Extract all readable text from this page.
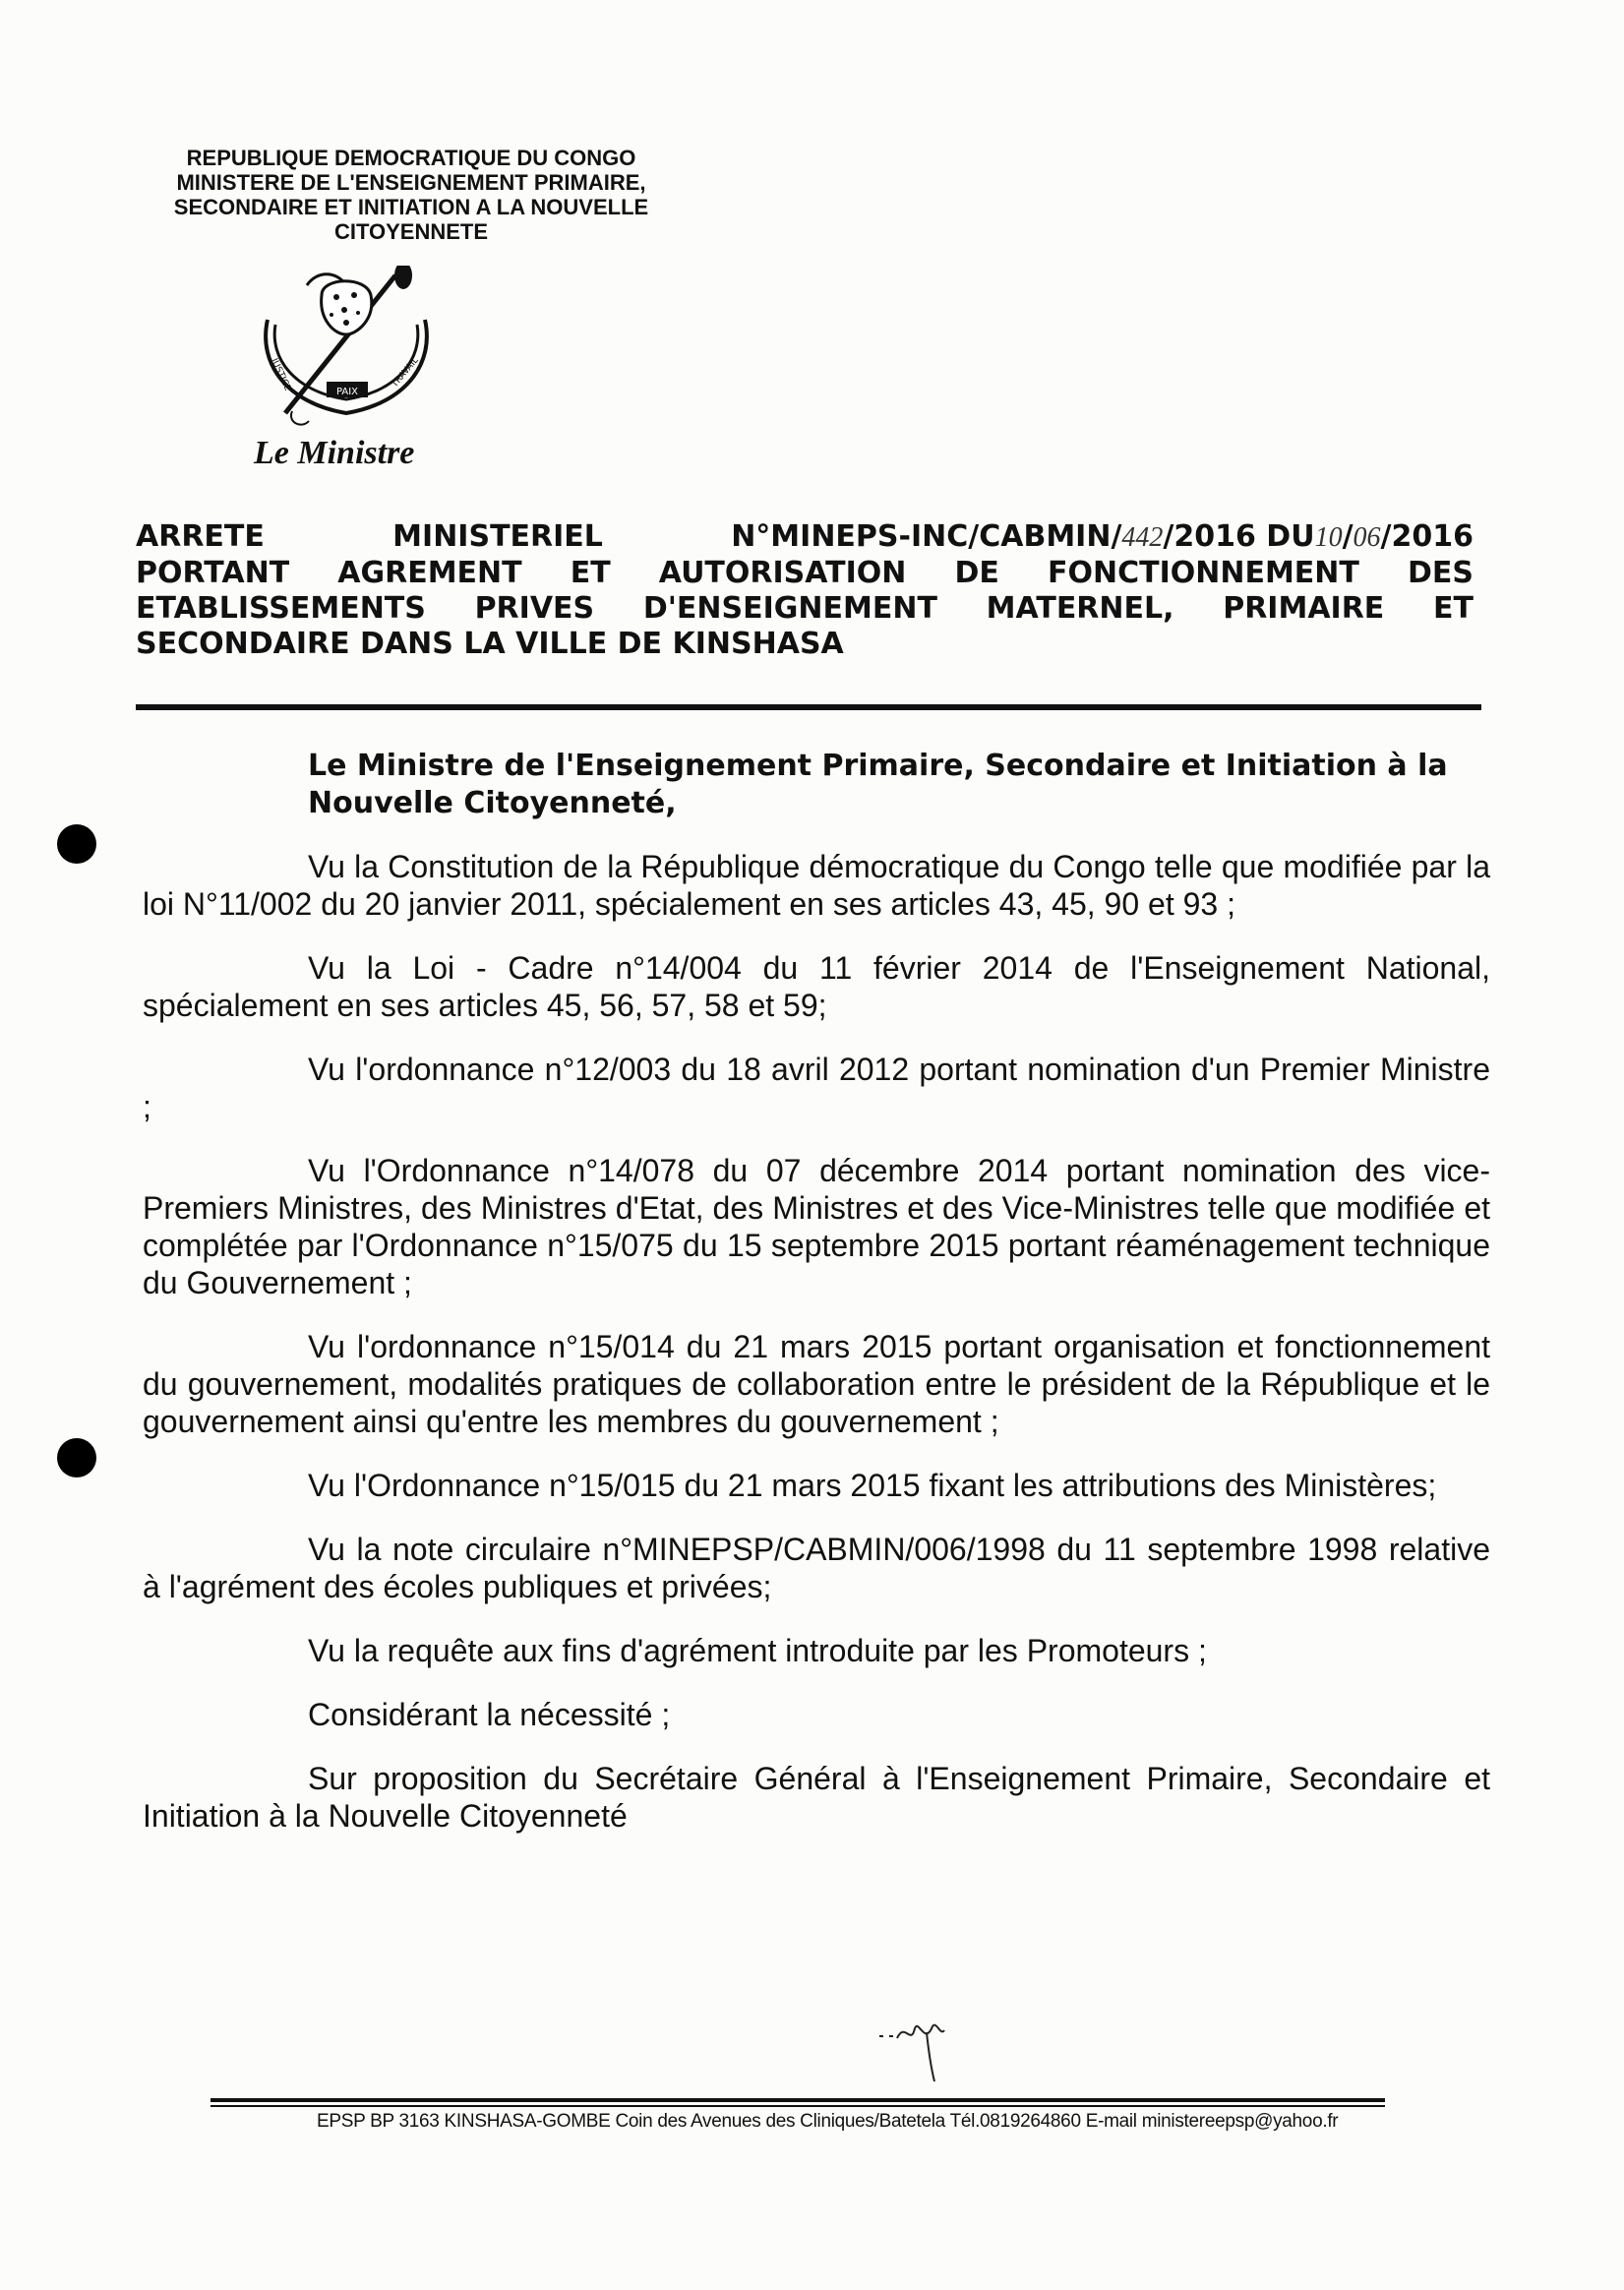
REPUBLIQUE DEMOCRATIQUE DU CONGO
MINISTERE DE L'ENSEIGNEMENT PRIMAIRE,
SECONDAIRE ET INITIATION A LA NOUVELLE
CITOYENNETE
PAIX
JUSTICE	TRAVAIL
Le Ministre
ARRETE	MINISTERIEL	N°MINEPS-INC/CABMIN/442/2016 DU10/06/2016
PORTANT AGREMENT ET AUTORISATION DE FONCTIONNEMENT DES
ETABLISSEMENTS PRIVES D'ENSEIGNEMENT MATERNEL, PRIMAIRE ET
SECONDAIRE DANS LA VILLE DE KINSHASA
Le Ministre de l'Enseignement Primaire, Secondaire et Initiation à la Nouvelle Citoyenneté,
Vu la Constitution de la République démocratique du Congo telle que modifiée par la loi N°11/002 du 20 janvier 2011, spécialement en ses articles 43, 45, 90 et 93 ;
Vu la Loi - Cadre n°14/004 du 11 février 2014 de l'Enseignement National, spécialement en ses articles 45, 56, 57, 58 et 59;
Vu l'ordonnance n°12/003 du 18 avril 2012 portant nomination d'un Premier Ministre ;
Vu l'Ordonnance n°14/078 du 07 décembre 2014 portant nomination des vice-Premiers Ministres, des Ministres d'Etat, des Ministres et des Vice-Ministres telle que modifiée et complétée par l'Ordonnance n°15/075 du 15 septembre 2015 portant réaménagement technique du Gouvernement ;
Vu l'ordonnance n°15/014 du 21 mars 2015 portant organisation et fonctionnement du gouvernement, modalités pratiques de collaboration entre le président de la République et le gouvernement ainsi qu'entre les membres du gouvernement ;
Vu l'Ordonnance n°15/015 du 21 mars 2015 fixant les attributions des Ministères;
Vu la note circulaire n°MINEPSP/CABMIN/006/1998 du 11 septembre 1998 relative à l'agrément des écoles publiques et privées;
Vu la requête aux fins d'agrément introduite par les Promoteurs ;
Considérant la nécessité ;
Sur proposition du Secrétaire Général à l'Enseignement Primaire, Secondaire et Initiation à la Nouvelle Citoyenneté
EPSP BP 3163 KINSHASA-GOMBE Coin des Avenues des Cliniques/Batetela Tél.0819264860 E-mail ministereepsp@yahoo.fr
